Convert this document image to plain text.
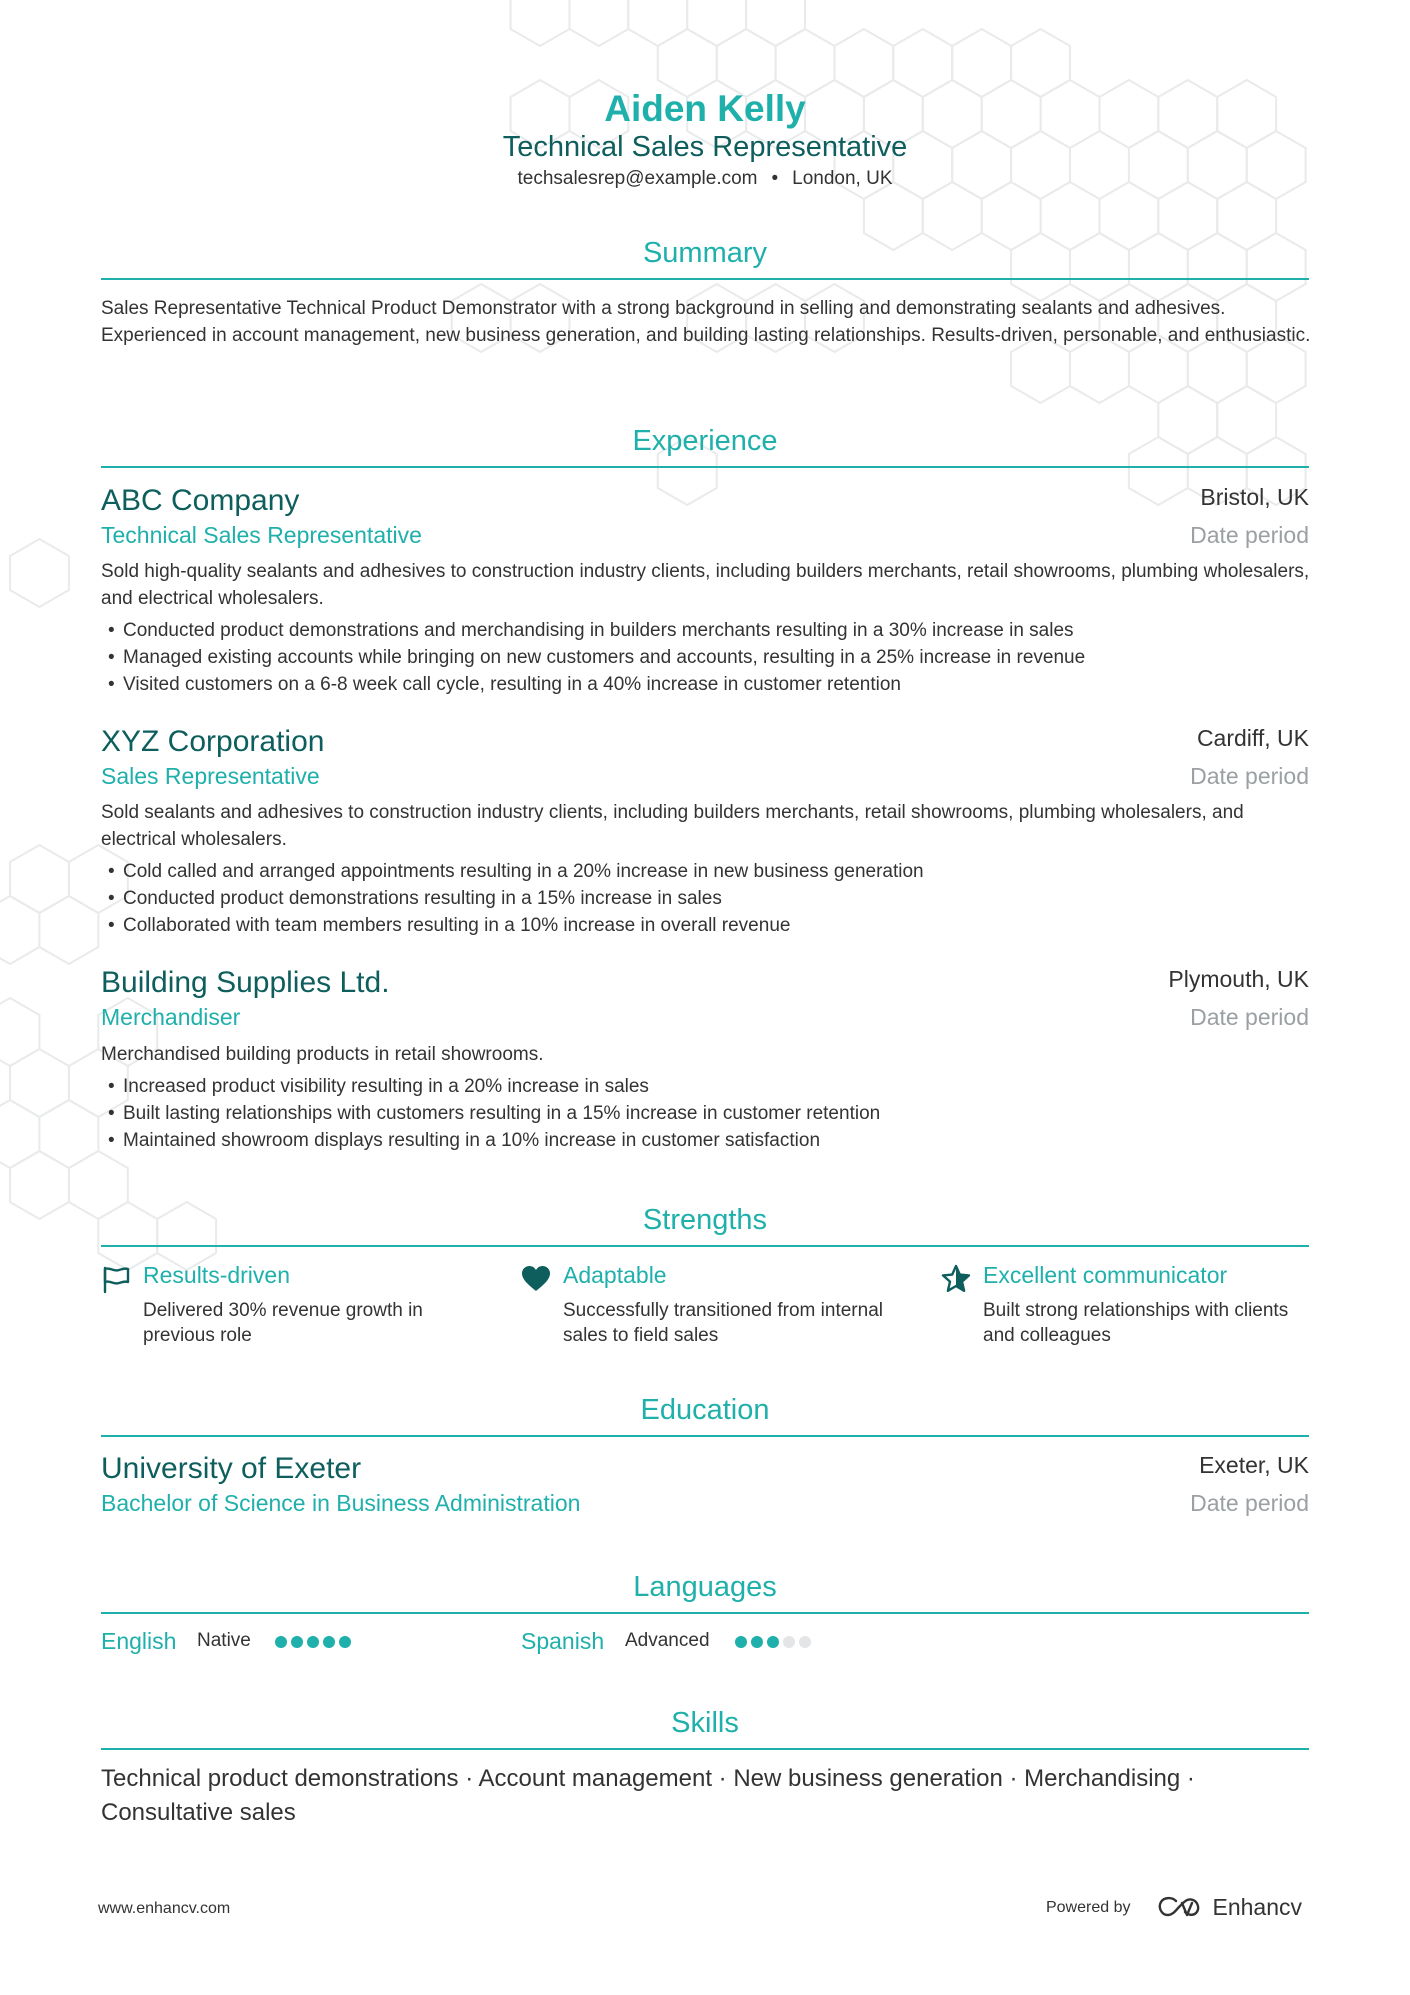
Aiden Kelly
Technical Sales Representative
techsalesrep@example.com • London, UK
Summary
Sales Representative Technical Product Demonstrator with a strong background in selling and demonstrating sealants and adhesives. Experienced in account management, new business generation, and building lasting relationships. Results-driven, personable, and enthusiastic.
Experience
ABC Company	Bristol, UK
Technical Sales Representative	Date period
Sold high-quality sealants and adhesives to construction industry clients, including builders merchants, retail showrooms, plumbing wholesalers, and electrical wholesalers.
• Conducted product demonstrations and merchandising in builders merchants resulting in a 30% increase in sales
• Managed existing accounts while bringing on new customers and accounts, resulting in a 25% increase in revenue
• Visited customers on a 6-8 week call cycle, resulting in a 40% increase in customer retention
XYZ Corporation	Cardiff, UK
Sales Representative	Date period
Sold sealants and adhesives to construction industry clients, including builders merchants, retail showrooms, plumbing wholesalers, and electrical wholesalers.
• Cold called and arranged appointments resulting in a 20% increase in new business generation
• Conducted product demonstrations resulting in a 15% increase in sales
• Collaborated with team members resulting in a 10% increase in overall revenue
Building Supplies Ltd.	Plymouth, UK
Merchandiser	Date period
Merchandised building products in retail showrooms.
• Increased product visibility resulting in a 20% increase in sales
• Built lasting relationships with customers resulting in a 15% increase in customer retention
• Maintained showroom displays resulting in a 10% increase in customer satisfaction
Strengths
Results-driven
Delivered 30% revenue growth in previous role
Adaptable
Successfully transitioned from internal sales to field sales
Excellent communicator
Built strong relationships with clients and colleagues
Education
University of Exeter	Exeter, UK
Bachelor of Science in Business Administration	Date period
Languages
English Native	Spanish Advanced
Skills
Technical product demonstrations · Account management · New business generation · Merchandising ·
Consultative sales
www.enhancv.com	Powered by	Enhancv
